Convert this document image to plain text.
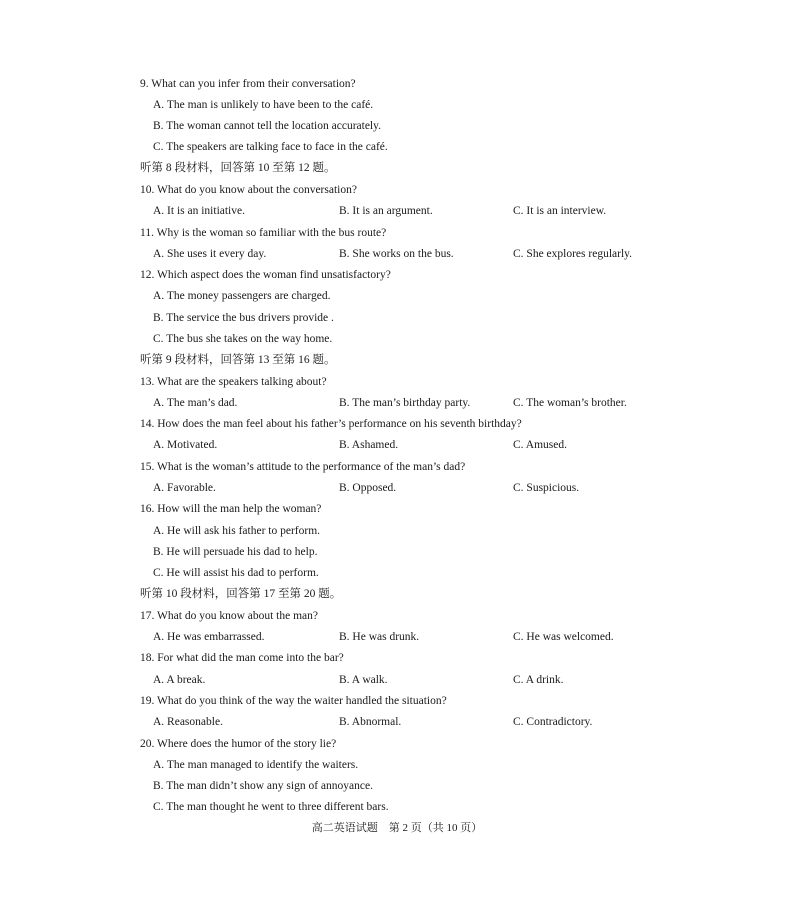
9. What can you infer from their conversation?
A. The man is unlikely to have been to the café.
B. The woman cannot tell the location accurately.
C. The speakers are talking face to face in the café.
听第 8 段材料，回答第 10 至第 12 题。
10. What do you know about the conversation?
A. It is an initiative.	B. It is an argument.	C. It is an interview.
11. Why is the woman so familiar with the bus route?
A. She uses it every day.	B. She works on the bus.	C. She explores regularly.
12. Which aspect does the woman find unsatisfactory?
A. The money passengers are charged.
B. The service the bus drivers provide .
C. The bus she takes on the way home.
听第 9 段材料，回答第 13 至第 16 题。
13. What are the speakers talking about?
A. The man’s dad.	B. The man’s birthday party.	C. The woman’s brother.
14. How does the man feel about his father’s performance on his seventh birthday?
A. Motivated.	B. Ashamed.	C. Amused.
15. What is the woman’s attitude to the performance of the man’s dad?
A. Favorable.	B. Opposed.	C. Suspicious.
16. How will the man help the woman?
A. He will ask his father to perform.
B. He will persuade his dad to help.
C. He will assist his dad to perform.
听第 10 段材料，回答第 17 至第 20 题。
17. What do you know about the man?
A. He was embarrassed.	B. He was drunk.	C. He was welcomed.
18. For what did the man come into the bar?
A. A break.	B. A walk.	C. A drink.
19. What do you think of the way the waiter handled the situation?
A. Reasonable.	B. Abnormal.	C. Contradictory.
20. Where does the humor of the story lie?
A. The man managed to identify the waiters.
B. The man didn’t show any sign of annoyance.
C. The man thought he went to three different bars.
高二英语试题　第 2 页（共 10 页）
